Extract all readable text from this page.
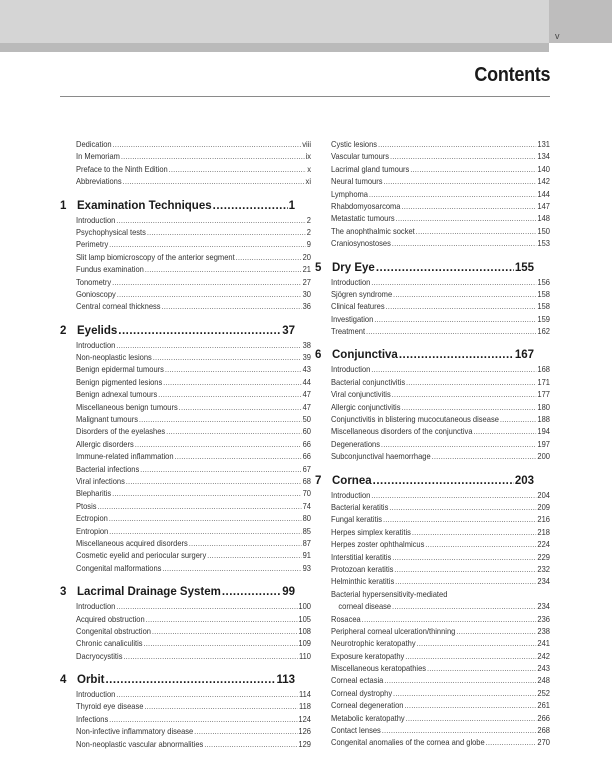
v
Contents
Dedication .....	viii
In Memoriam .....	ix
Preface to the Ninth Edition .....	x
Abbreviations .....	xi
1 Examination Techniques .....	1
Introduction .....	2
Psychophysical tests .....	2
Perimetry .....	9
Slit lamp biomicroscopy of the anterior segment .....	20
Fundus examination .....	21
Tonometry .....	27
Gonioscopy .....	30
Central corneal thickness .....	36
2 Eyelids .....	37
Introduction .....	38
Non-neoplastic lesions .....	39
Benign epidermal tumours .....	43
Benign pigmented lesions .....	44
Benign adnexal tumours .....	47
Miscellaneous benign tumours .....	47
Malignant tumours .....	50
Disorders of the eyelashes .....	60
Allergic disorders .....	66
Immune-related inflammation .....	66
Bacterial infections .....	67
Viral infections .....	68
Blepharitis .....	70
Ptosis .....	74
Ectropion .....	80
Entropion .....	85
Miscellaneous acquired disorders .....	87
Cosmetic eyelid and periocular surgery .....	91
Congenital malformations .....	93
3 Lacrimal Drainage System .....	99
Introduction .....	100
Acquired obstruction .....	105
Congenital obstruction .....	108
Chronic canaliculitis .....	109
Dacryocystitis .....	110
4 Orbit .....	113
Introduction .....	114
Thyroid eye disease .....	118
Infections .....	124
Non-infective inflammatory disease .....	126
Non-neoplastic vascular abnormalities .....	129
Cystic lesions .....	131
Vascular tumours .....	134
Lacrimal gland tumours .....	140
Neural tumours .....	142
Lymphoma .....	144
Rhabdomyosarcoma .....	147
Metastatic tumours .....	148
The anophthalmic socket .....	150
Craniosynostoses .....	153
5 Dry Eye .....	155
Introduction .....	156
Sjögren syndrome .....	158
Clinical features .....	158
Investigation .....	159
Treatment .....	162
6 Conjunctiva .....	167
Introduction .....	168
Bacterial conjunctivitis .....	171
Viral conjunctivitis .....	177
Allergic conjunctivitis .....	180
Conjunctivitis in blistering mucocutaneous disease .....	188
Miscellaneous disorders of the conjunctiva .....	194
Degenerations .....	197
Subconjunctival haemorrhage .....	200
7 Cornea .....	203
Introduction .....	204
Bacterial keratitis .....	209
Fungal keratitis .....	216
Herpes simplex keratitis .....	218
Herpes zoster ophthalmicus .....	224
Interstitial keratitis .....	229
Protozoan keratitis .....	232
Helminthic keratitis .....	234
Bacterial hypersensitivity-mediated
corneal disease .....	234
Rosacea .....	236
Peripheral corneal ulceration/thinning .....	238
Neurotrophic keratopathy .....	241
Exposure keratopathy .....	242
Miscellaneous keratopathies .....	243
Corneal ectasia .....	248
Corneal dystrophy .....	252
Corneal degeneration .....	261
Metabolic keratopathy .....	266
Contact lenses .....	268
Congenital anomalies of the cornea and globe .....	270
